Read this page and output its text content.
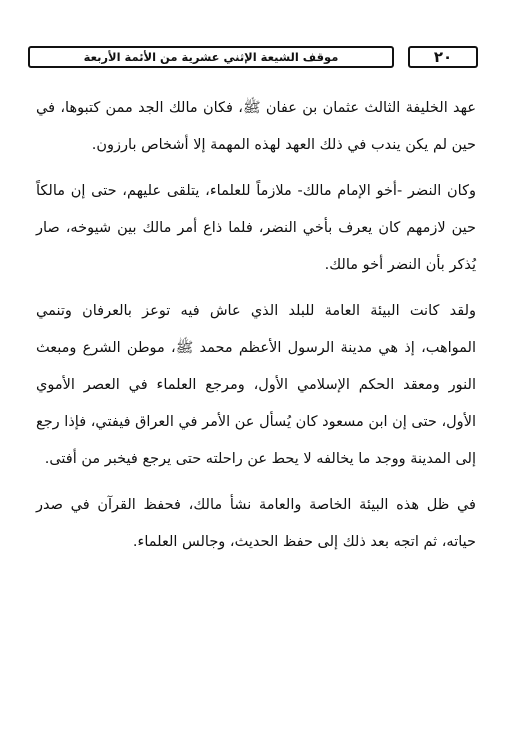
٢٠
موقف الشيعة الإثني عشرية من الأئمة الأربعة

عهد الخليفة الثالث عثمان بن عفان ﷺ، فكان مالك الجد ممن كتبوها، في حين لم يكن يندب في ذلك العهد لهذه المهمة إلا أشخاص بارزون.

وكان النضر -أخو الإمام مالك- ملازماً للعلماء، يتلقى عليهم، حتى إن مالكاً حين لازمهم كان يعرف بأخي النضر، فلما ذاع أمر مالك بين شيوخه، صار يُذكر بأن النضر أخو مالك.

ولقد كانت البيئة العامة للبلد الذي عاش فيه توعز بالعرفان وتنمي المواهب، إذ هي مدينة الرسول الأعظم محمد ﷺ، موطن الشرع ومبعث النور ومعقد الحكم الإسلامي الأول، ومرجع العلماء في العصر الأموي الأول، حتى إن ابن مسعود كان يُسأل عن الأمر في العراق فيفتي، فإذا رجع إلى المدينة ووجد ما يخالفه لا يحط عن راحلته حتى يرجع فيخبر من أفتى.

في ظل هذه البيئة الخاصة والعامة نشأ مالك، فحفظ القرآن في صدر حياته، ثم اتجه بعد ذلك إلى حفظ الحديث، وجالس العلماء.
